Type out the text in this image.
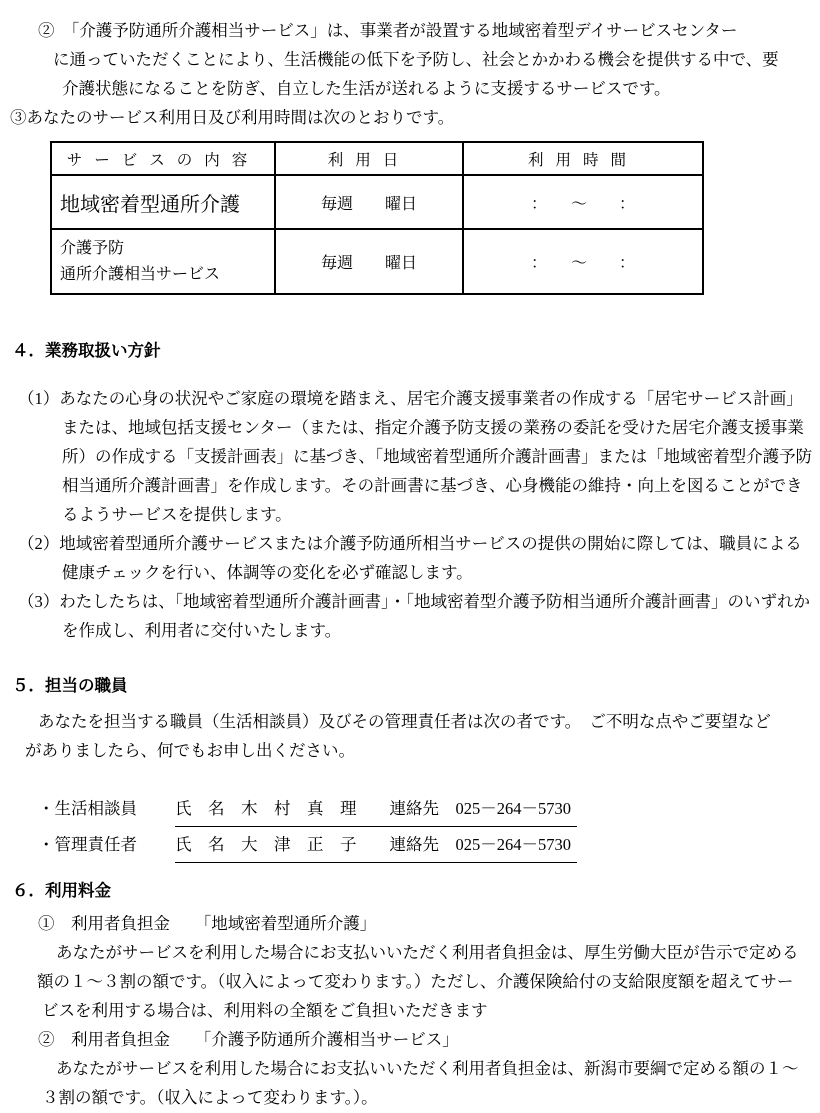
②　「介護予防通所介護相当サービス」は、事業者が設置する地域密着型デイサービスセンター
に通っていただくことにより、生活機能の低下を予防し、社会とかかわる機会を提供する中で、要
介護状態になることを防ぎ、自立した生活が送れるように支援するサービスです。
③あなたのサービス利用日及び利用時間は次のとおりです。
サービスの内容	利用日	利用時間
地域密着型通所介護	毎週　　曜日	：　　～　　：

介護予防
通所介護相当サービス	毎週　　曜日	：　　～　　：
４．業務取扱い方針
（1）あなたの心身の状況やご家庭の環境を踏まえ、居宅介護支援事業者の作成する「居宅サービス計画」
または、地域包括支援センター（または、指定介護予防支援の業務の委託を受けた居宅介護支援事業
所）の作成する「支援計画表」に基づき、「地域密着型通所介護計画書」または「地域密着型介護予防
相当通所介護計画書」を作成します。その計画書に基づき、心身機能の維持・向上を図ることができ
るようサービスを提供します。
（2）地域密着型通所介護サービスまたは介護予防通所相当サービスの提供の開始に際しては、職員による
健康チェックを行い、体調等の変化を必ず確認します。
（3）わたしたちは、「地域密着型通所介護計画書」・「地域密着型介護予防相当通所介護計画書」のいずれか
を作成し、利用者に交付いたします。
５．担当の職員
あなたを担当する職員（生活相談員）及びその管理責任者は次の者です。　ご不明な点やご要望など
がありましたら、何でもお申し出ください。
・生活相談員	氏　名　木　村　真　理　　連絡先　025－264－5730
・管理責任者	氏　名　大　津　正　子　　連絡先　025－264－5730
６．利用料金
①　利用者負担金　　「地域密着型通所介護」
あなたがサービスを利用した場合にお支払いいただく利用者負担金は、厚生労働大臣が告示で定める
額の１～３割の額です。（収入によって変わります。）ただし、介護保険給付の支給限度額を超えてサー
ビスを利用する場合は、利用料の全額をご負担いただきます
②　利用者負担金　　「介護予防通所介護相当サービス」
あなたがサービスを利用した場合にお支払いいただく利用者負担金は、新潟市要綱で定める額の１～
３割の額です。（収入によって変わります。）。
